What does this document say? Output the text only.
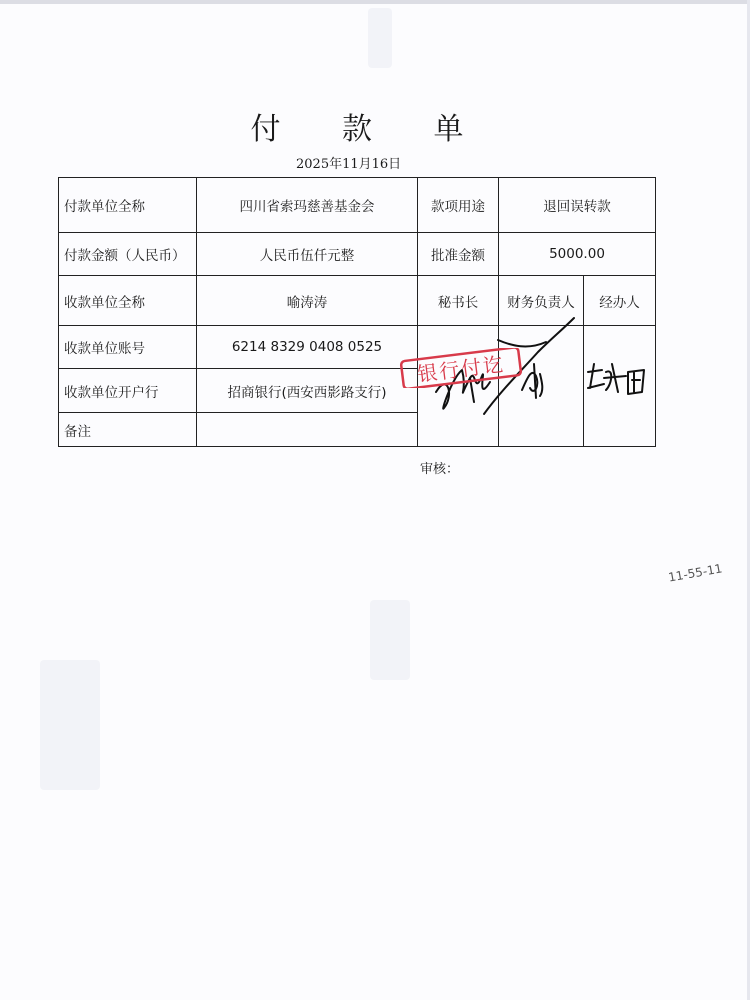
付 款 单
2025年11月16日
付款单位全称	四川省索玛慈善基金会	款项用途	退回误转款	
付款金额（人民币）	人民币伍仟元整	批准金额	5000.00	
收款单位全称	喻涛涛	秘书长	财务负责人	经办人
收款单位账号	6214 8329 0408 0525			
收款单位开户行	招商银行(西安西影路支行)			
备注				
银行付讫
审核：
11-55-11
